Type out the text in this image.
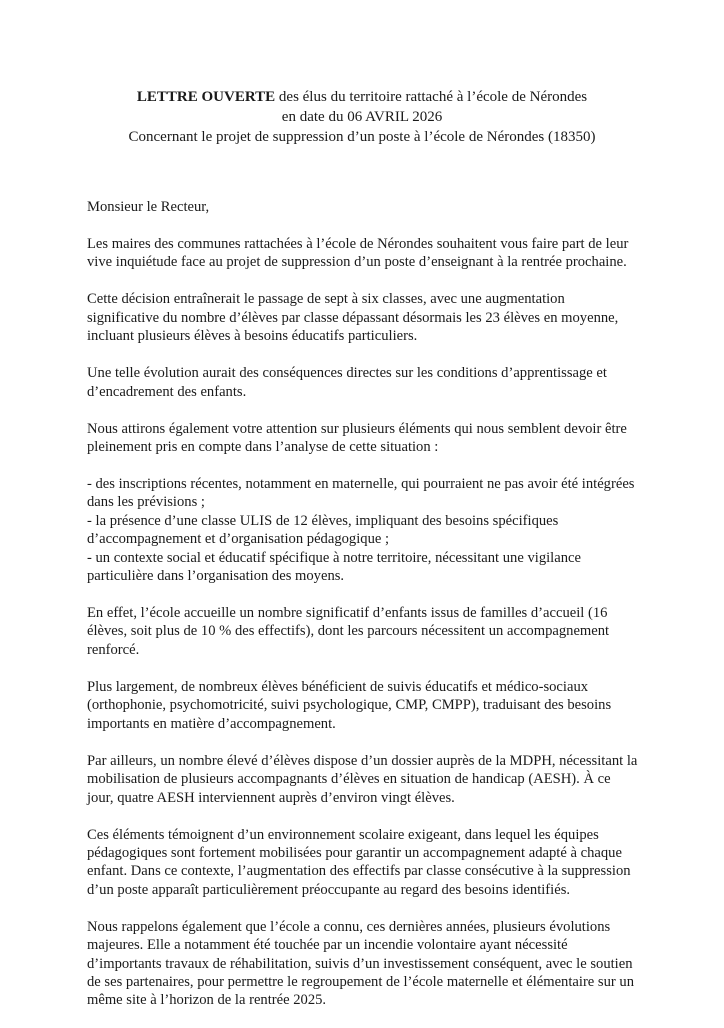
LETTRE OUVERTE des élus du territoire rattaché à l’école de Nérondes
en date du 06 AVRIL 2026
Concernant le projet de suppression d’un poste à l’école de Nérondes (18350)

Monsieur le Recteur,

Les maires des communes rattachées à l’école de Nérondes souhaitent vous faire part de leur
vive inquiétude face au projet de suppression d’un poste d’enseignant à la rentrée prochaine.

Cette décision entraînerait le passage de sept à six classes, avec une augmentation
significative du nombre d’élèves par classe dépassant désormais les 23 élèves en moyenne,
incluant plusieurs élèves à besoins éducatifs particuliers.

Une telle évolution aurait des conséquences directes sur les conditions d’apprentissage et
d’encadrement des enfants.

Nous attirons également votre attention sur plusieurs éléments qui nous semblent devoir être
pleinement pris en compte dans l’analyse de cette situation :

- des inscriptions récentes, notamment en maternelle, qui pourraient ne pas avoir été intégrées
dans les prévisions ;
- la présence d’une classe ULIS de 12 élèves, impliquant des besoins spécifiques
d’accompagnement et d’organisation pédagogique ;
- un contexte social et éducatif spécifique à notre territoire, nécessitant une vigilance
particulière dans l’organisation des moyens.

En effet, l’école accueille un nombre significatif d’enfants issus de familles d’accueil (16
élèves, soit plus de 10 % des effectifs), dont les parcours nécessitent un accompagnement
renforcé.

Plus largement, de nombreux élèves bénéficient de suivis éducatifs et médico-sociaux
(orthophonie, psychomotricité, suivi psychologique, CMP, CMPP), traduisant des besoins
importants en matière d’accompagnement.

Par ailleurs, un nombre élevé d’élèves dispose d’un dossier auprès de la MDPH, nécessitant la
mobilisation de plusieurs accompagnants d’élèves en situation de handicap (AESH). À ce
jour, quatre AESH interviennent auprès d’environ vingt élèves.

Ces éléments témoignent d’un environnement scolaire exigeant, dans lequel les équipes
pédagogiques sont fortement mobilisées pour garantir un accompagnement adapté à chaque
enfant. Dans ce contexte, l’augmentation des effectifs par classe consécutive à la suppression
d’un poste apparaît particulièrement préoccupante au regard des besoins identifiés.

Nous rappelons également que l’école a connu, ces dernières années, plusieurs évolutions
majeures. Elle a notamment été touchée par un incendie volontaire ayant nécessité
d’importants travaux de réhabilitation, suivis d’un investissement conséquent, avec le soutien
de ses partenaires, pour permettre le regroupement de l’école maternelle et élémentaire sur un
même site à l’horizon de la rentrée 2025.
